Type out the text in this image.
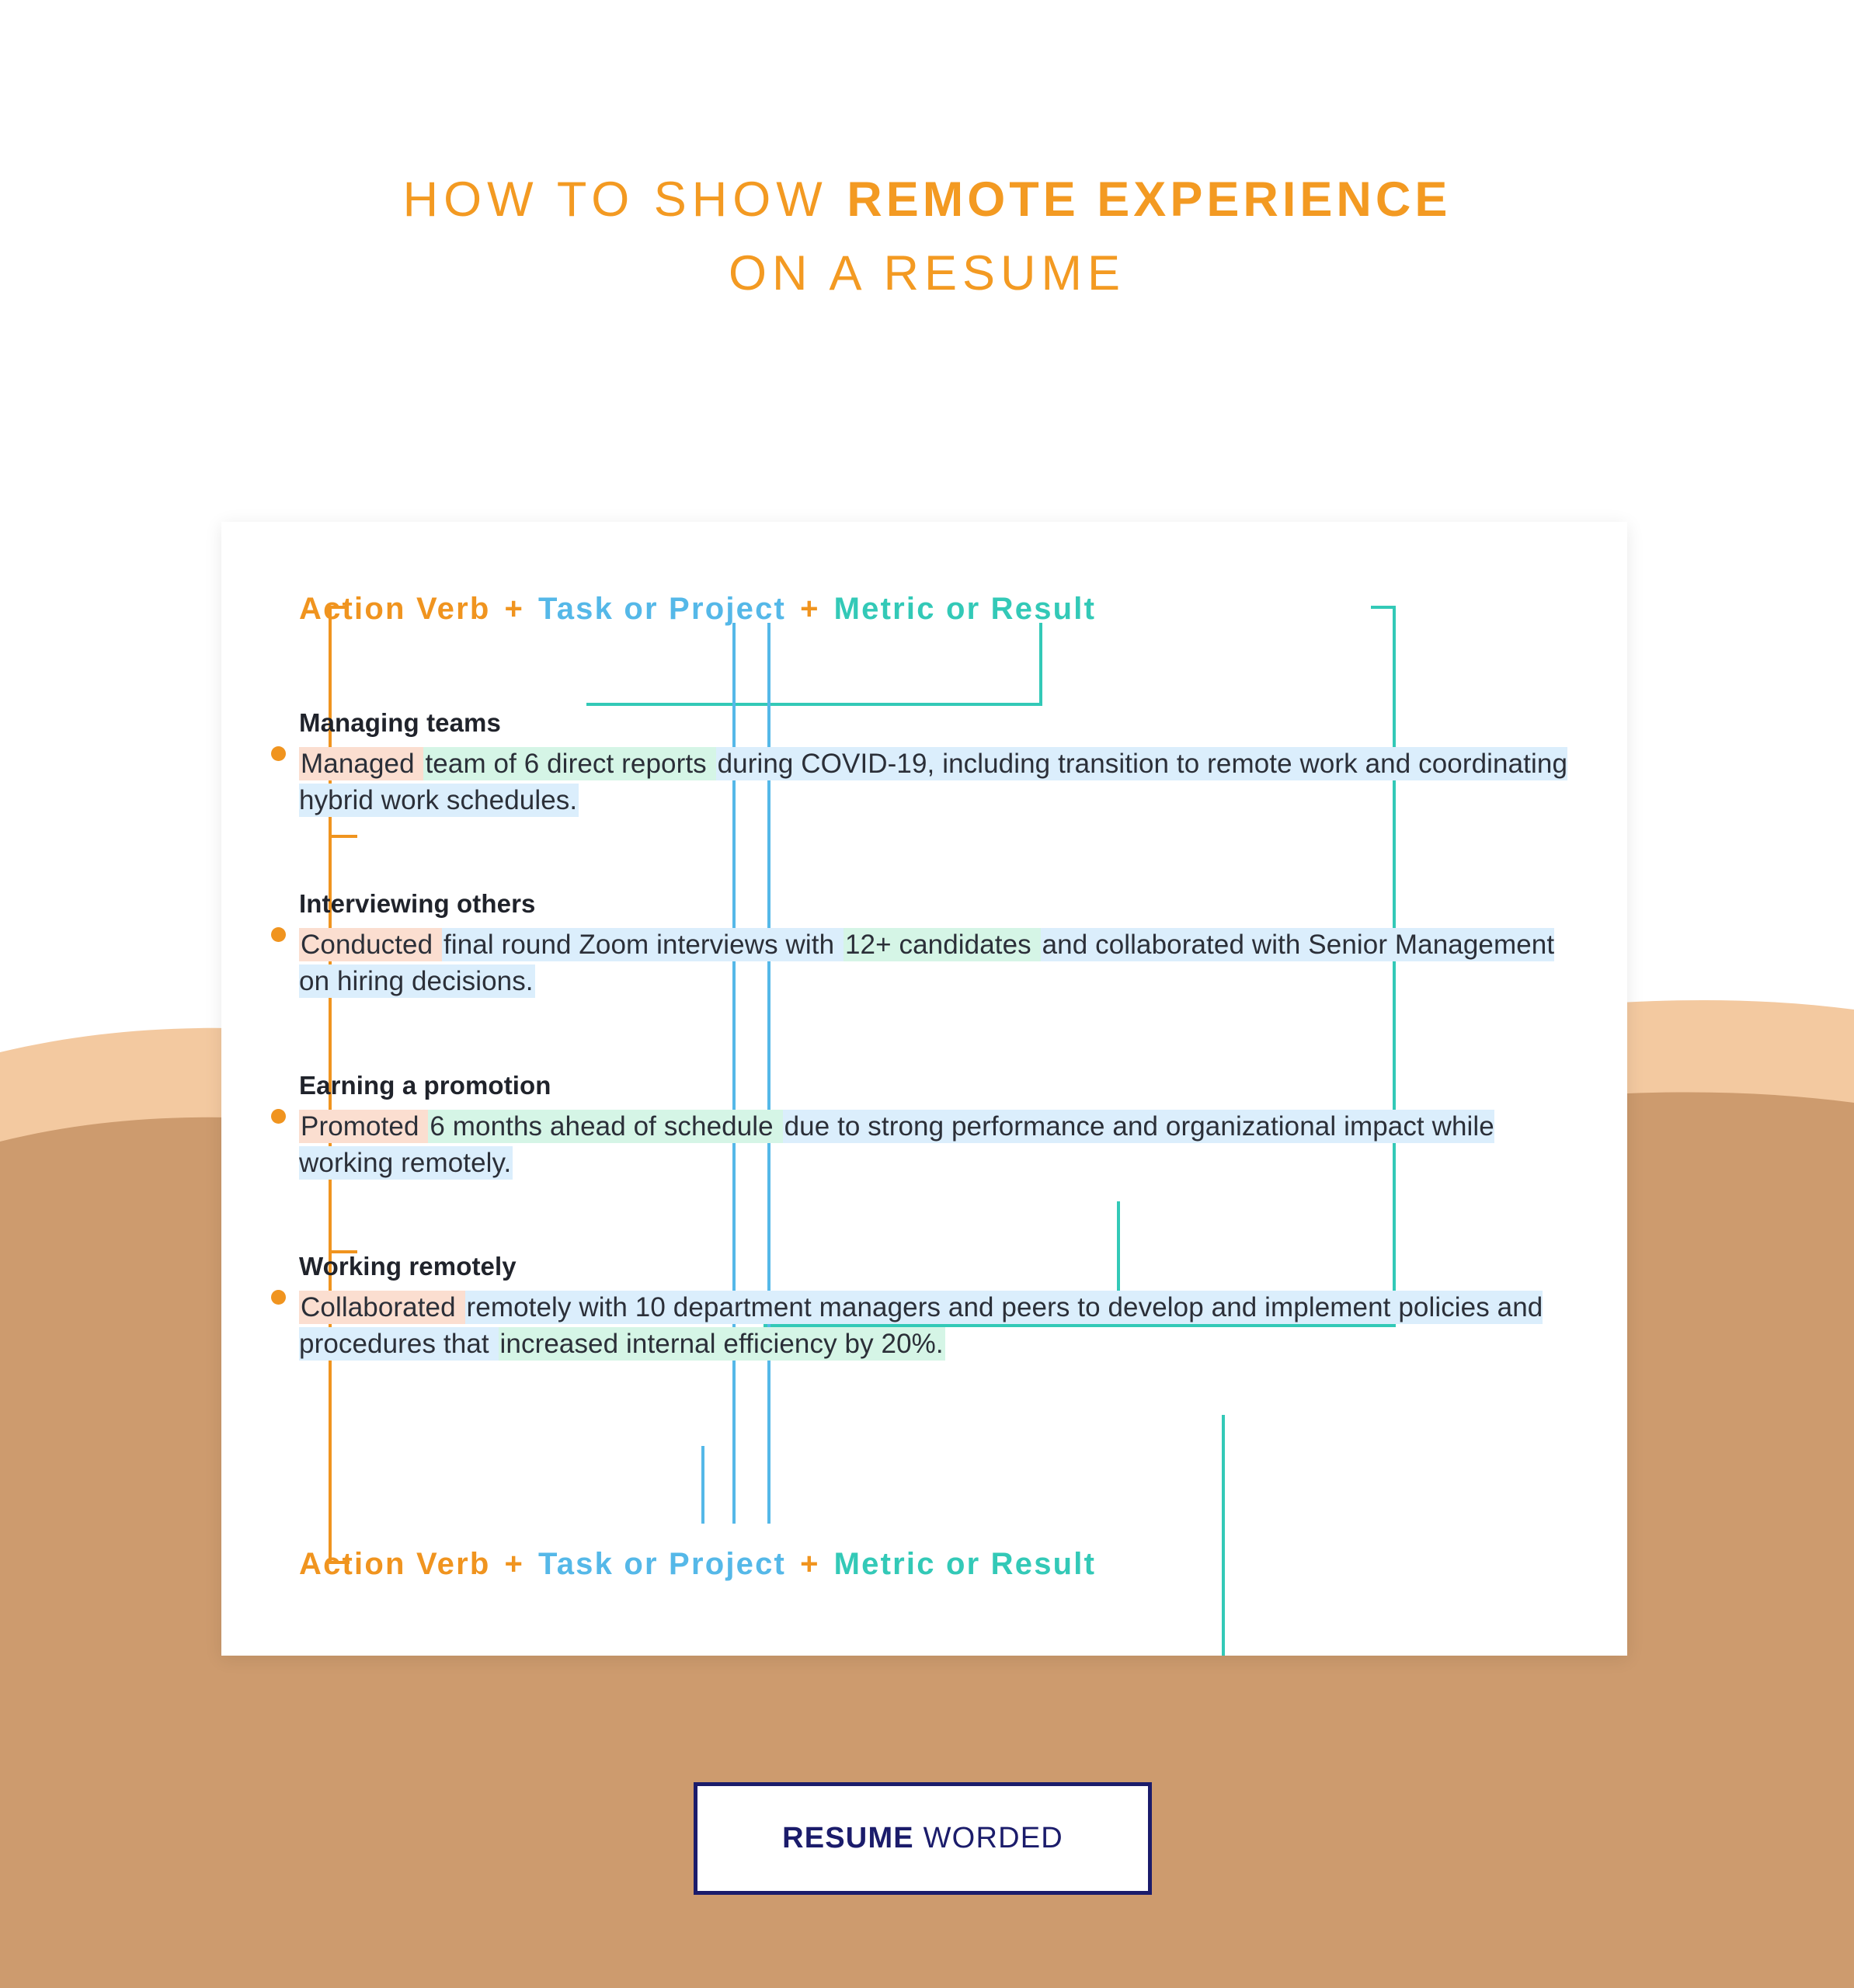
HOW TO SHOW REMOTE EXPERIENCE
ON A RESUME
Action Verb + Task or Project + Metric or Result
Managing teams
Managed team of 6 direct reports during COVID-19, including transition to remote work and coordinating hybrid work schedules.
Interviewing others
Conducted final round Zoom interviews with 12+ candidates and collaborated with Senior Management on hiring decisions.
Earning a promotion
Promoted 6 months ahead of schedule due to strong performance and organizational impact while working remotely.
Working remotely
Collaborated remotely with 10 department managers and peers to develop and implement policies and procedures that increased internal efficiency by 20%.
Action Verb + Task or Project + Metric or Result
RESUME WORDED
